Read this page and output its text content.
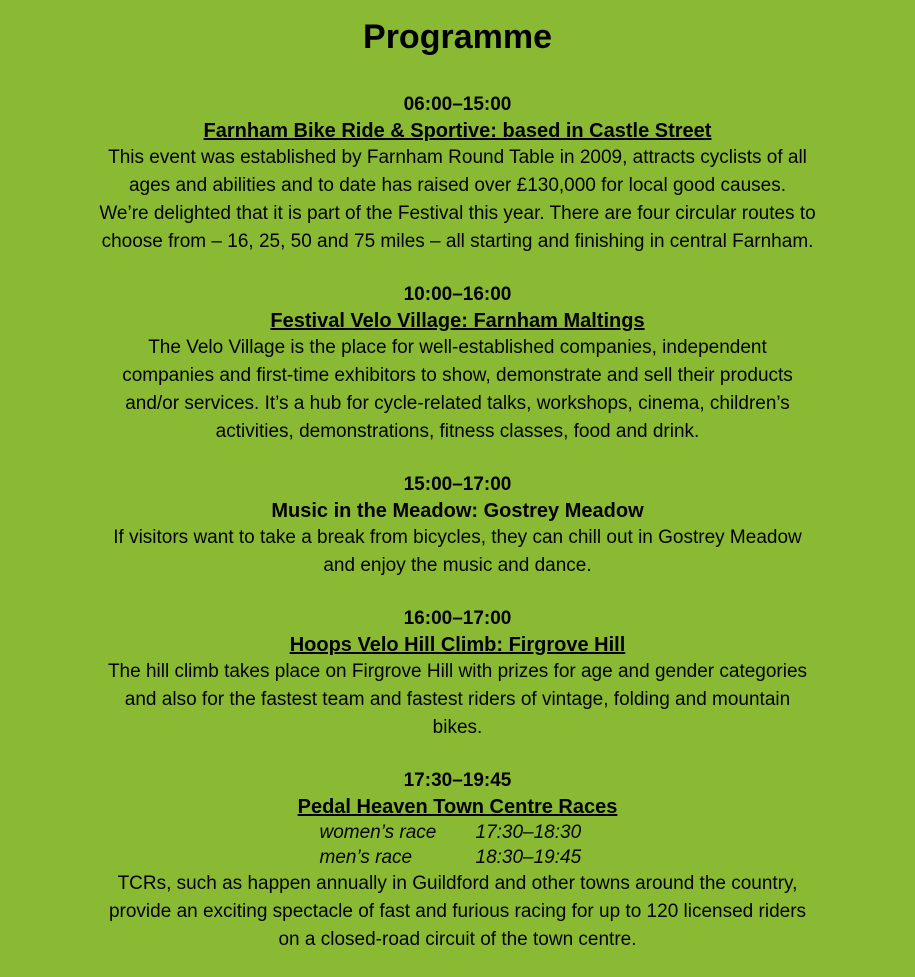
Programme
06:00–15:00
Farnham Bike Ride & Sportive: based in Castle Street
This event was established by Farnham Round Table in 2009, attracts cyclists of all
ages and abilities and to date has raised over £130,000 for local good causes.
We’re delighted that it is part of the Festival this year. There are four circular routes to
choose from – 16, 25, 50 and 75 miles – all starting and finishing in central Farnham.
10:00–16:00
Festival Velo Village: Farnham Maltings
The Velo Village is the place for well-established companies, independent
companies and first-time exhibitors to show, demonstrate and sell their products
and/or services. It’s a hub for cycle-related talks, workshops, cinema, children’s
activities, demonstrations, fitness classes, food and drink.
15:00–17:00
Music in the Meadow: Gostrey Meadow
If visitors want to take a break from bicycles, they can chill out in Gostrey Meadow
and enjoy the music and dance.
16:00–17:00
Hoops Velo Hill Climb: Firgrove Hill
The hill climb takes place on Firgrove Hill with prizes for age and gender categories
and also for the fastest team and fastest riders of vintage, folding and mountain
bikes.
17:30–19:45
Pedal Heaven Town Centre Races
women’s race	17:30–18:30
men’s race	18:30–19:45
TCRs, such as happen annually in Guildford and other towns around the country,
provide an exciting spectacle of fast and furious racing for up to 120 licensed riders
on a closed-road circuit of the town centre.
